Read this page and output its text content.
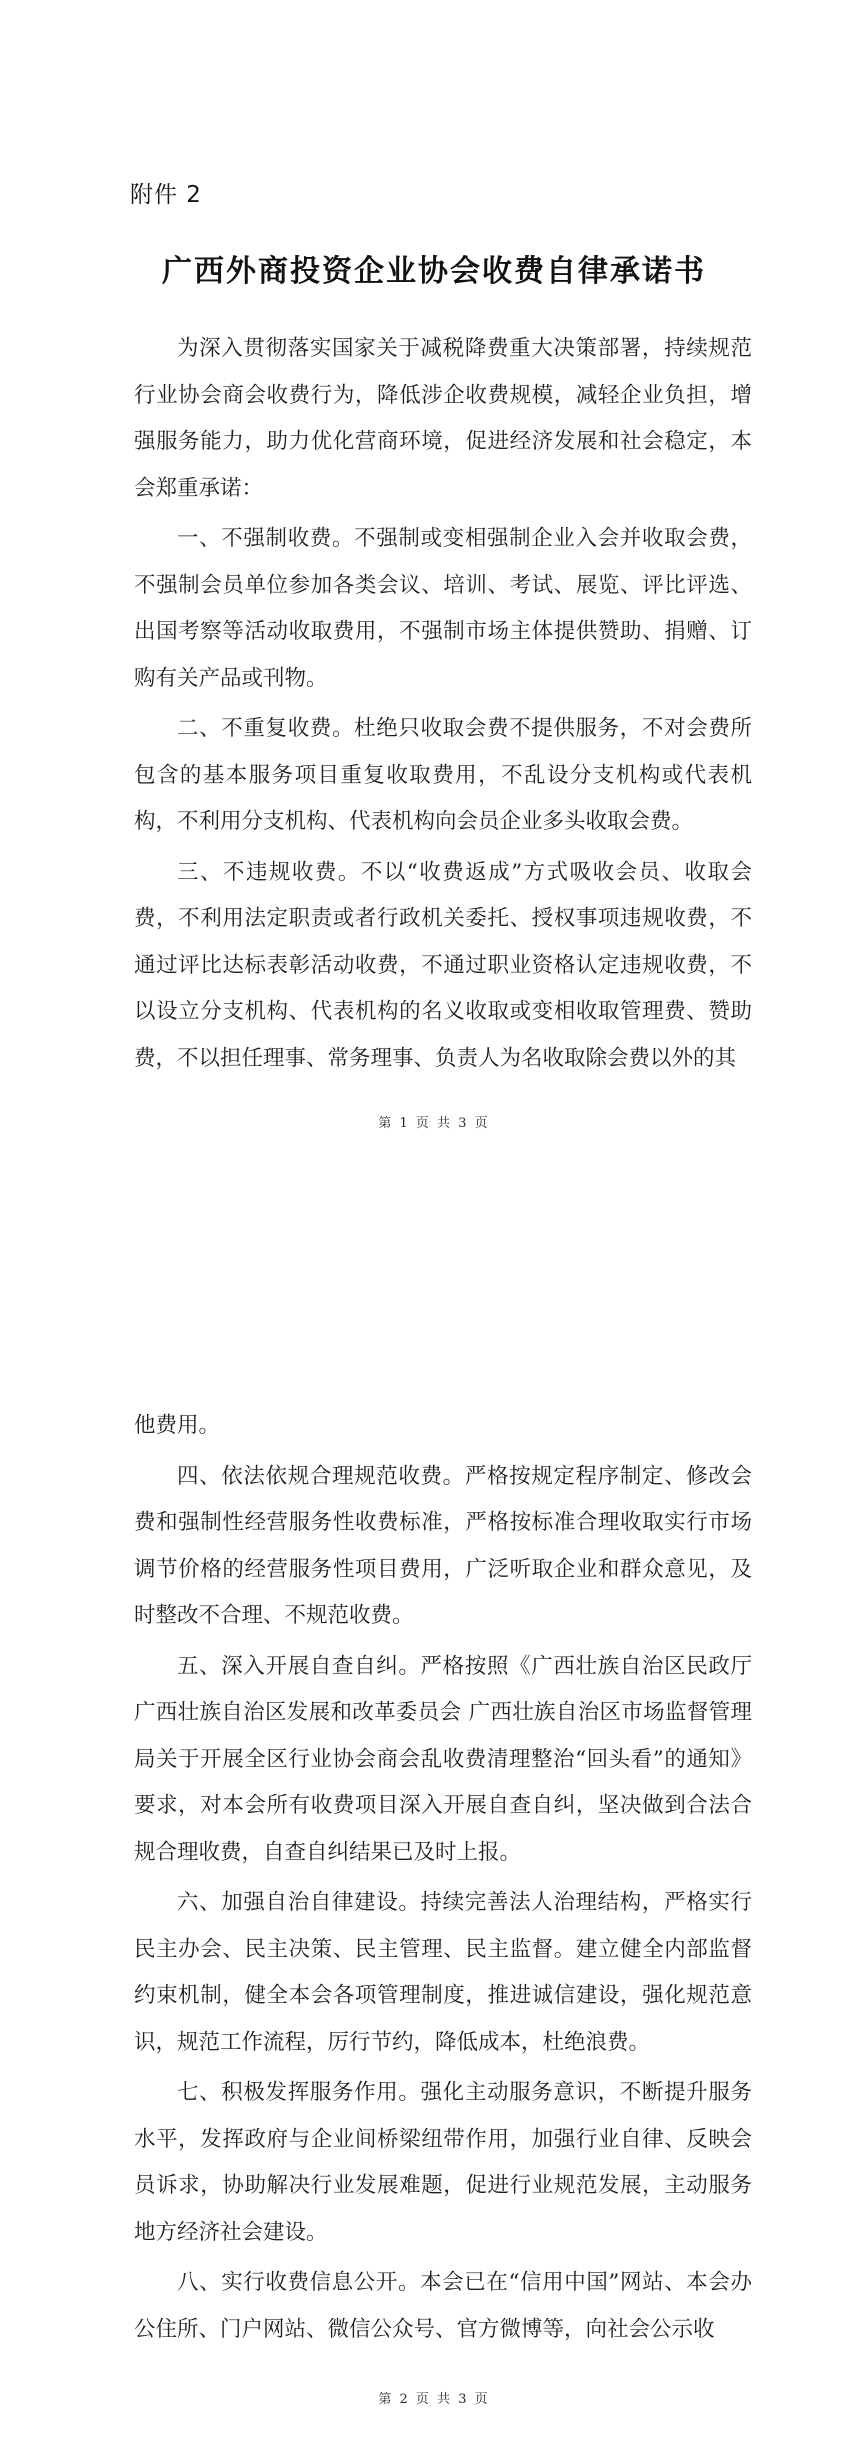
附件 2

广西外商投资企业协会收费自律承诺书

为深入贯彻落实国家关于减税降费重大决策部署，持续规范行业协会商会收费行为，降低涉企收费规模，减轻企业负担，增强服务能力，助力优化营商环境，促进经济发展和社会稳定，本会郑重承诺：

一、不强制收费。不强制或变相强制企业入会并收取会费，不强制会员单位参加各类会议、培训、考试、展览、评比评选、出国考察等活动收取费用，不强制市场主体提供赞助、捐赠、订购有关产品或刊物。

二、不重复收费。杜绝只收取会费不提供服务，不对会费所包含的基本服务项目重复收取费用，不乱设分支机构或代表机构，不利用分支机构、代表机构向会员企业多头收取会费。

三、不违规收费。不以“收费返成”方式吸收会员、收取会费，不利用法定职责或者行政机关委托、授权事项违规收费，不通过评比达标表彰活动收费，不通过职业资格认定违规收费，不以设立分支机构、代表机构的名义收取或变相收取管理费、赞助费，不以担任理事、常务理事、负责人为名收取除会费以外的其

第 1 页 共 3 页

他费用。

四、依法依规合理规范收费。严格按规定程序制定、修改会费和强制性经营服务性收费标准，严格按标准合理收取实行市场调节价格的经营服务性项目费用，广泛听取企业和群众意见，及时整改不合理、不规范收费。

五、深入开展自查自纠。严格按照《广西壮族自治区民政厅 广西壮族自治区发展和改革委员会 广西壮族自治区市场监督管理局关于开展全区行业协会商会乱收费清理整治“回头看”的通知》要求，对本会所有收费项目深入开展自查自纠，坚决做到合法合规合理收费，自查自纠结果已及时上报。

六、加强自治自律建设。持续完善法人治理结构，严格实行民主办会、民主决策、民主管理、民主监督。建立健全内部监督约束机制，健全本会各项管理制度，推进诚信建设，强化规范意识，规范工作流程，厉行节约，降低成本，杜绝浪费。

七、积极发挥服务作用。强化主动服务意识，不断提升服务水平，发挥政府与企业间桥梁纽带作用，加强行业自律、反映会员诉求，协助解决行业发展难题，促进行业规范发展，主动服务地方经济社会建设。

八、实行收费信息公开。本会已在“信用中国”网站、本会办公住所、门户网站、微信公众号、官方微博等，向社会公示收

第 2 页 共 3 页
